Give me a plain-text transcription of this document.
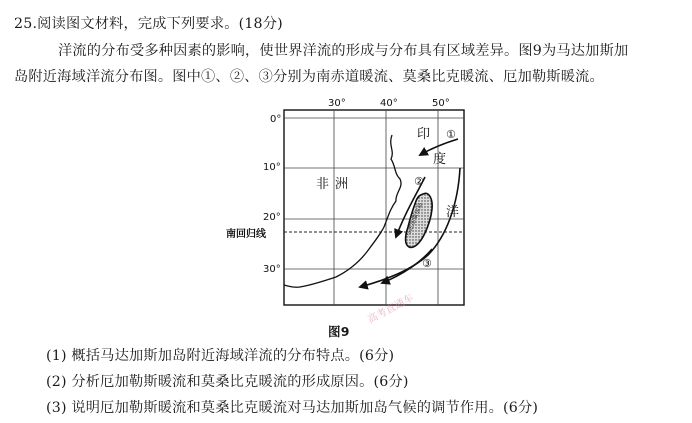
25.阅读图文材料，完成下列要求。(18分)
洋流的分布受多种因素的影响，使世界洋流的形成与分布具有区域差异。图9为马达加斯加
岛附近海域洋流分布图。图中①、②、③分别为南赤道暖流、莫桑比克暖流、厄加勒斯暖流。
马达加斯加岛
①
②
③
印
度
洋
非洲
30°	40°	50°
0°
10°
20°
30°
南回归线
图9
(1) 概括马达加斯加岛附近海域洋流的分布特点。(6分)
(2) 分析厄加勒斯暖流和莫桑比克暖流的形成原因。(6分)
(3) 说明厄加勒斯暖流和莫桑比克暖流对马达加斯加岛气候的调节作用。(6分)
高考直通车
